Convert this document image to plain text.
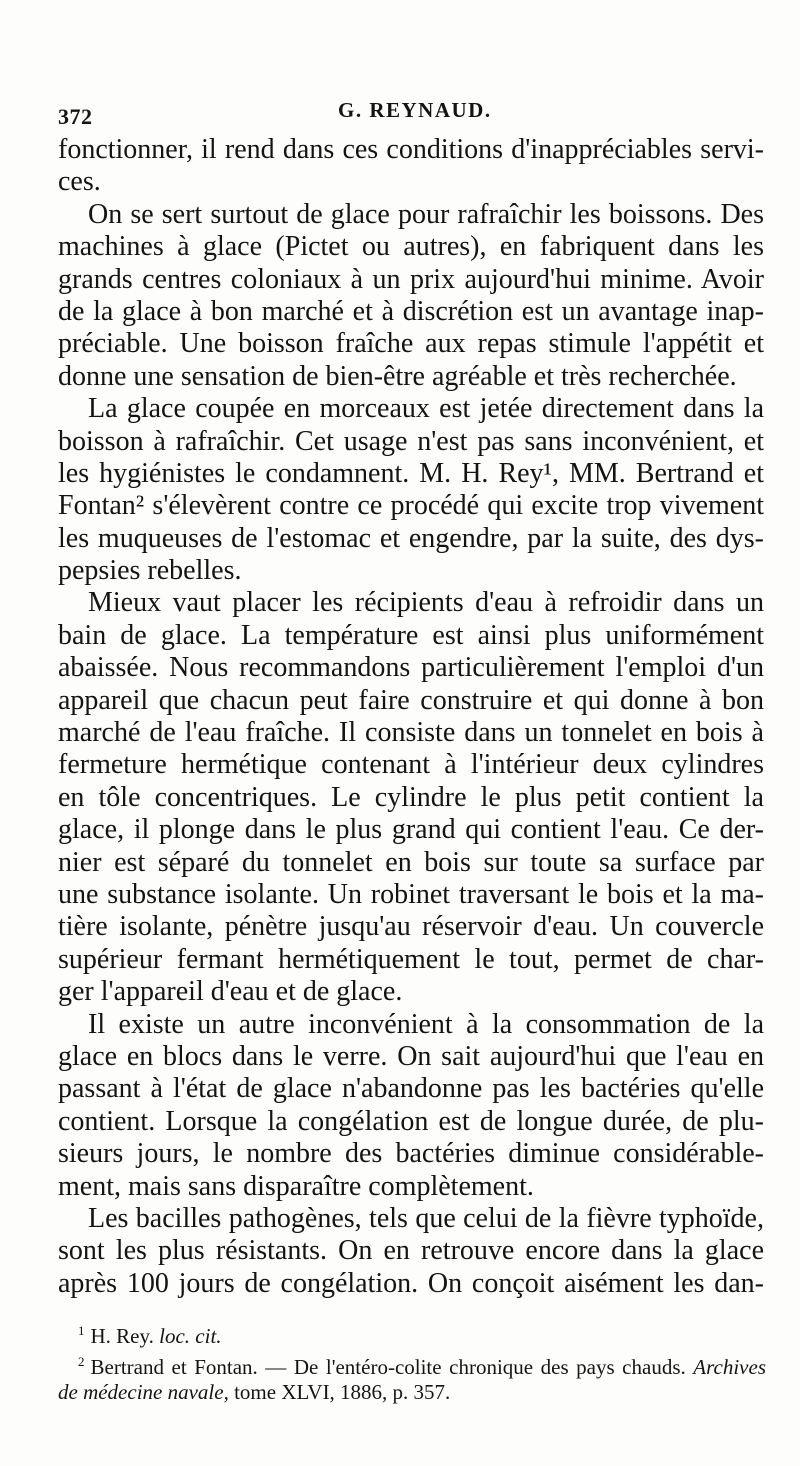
372	G. REYNAUD.
fonctionner, il rend dans ces conditions d'inappréciables servi-
ces.
On se sert surtout de glace pour rafraîchir les boissons. Des
machines à glace (Pictet ou autres), en fabriquent dans les
grands centres coloniaux à un prix aujourd'hui minime. Avoir
de la glace à bon marché et à discrétion est un avantage inap-
préciable. Une boisson fraîche aux repas stimule l'appétit et
donne une sensation de bien-être agréable et très recherchée.
La glace coupée en morceaux est jetée directement dans la
boisson à rafraîchir. Cet usage n'est pas sans inconvénient, et
les hygiénistes le condamnent. M. H. Rey¹, MM. Bertrand et
Fontan² s'élevèrent contre ce procédé qui excite trop vivement
les muqueuses de l'estomac et engendre, par la suite, des dys-
pepsies rebelles.
Mieux vaut placer les récipients d'eau à refroidir dans un
bain de glace. La température est ainsi plus uniformément
abaissée. Nous recommandons particulièrement l'emploi d'un
appareil que chacun peut faire construire et qui donne à bon
marché de l'eau fraîche. Il consiste dans un tonnelet en bois à
fermeture hermétique contenant à l'intérieur deux cylindres
en tôle concentriques. Le cylindre le plus petit contient la
glace, il plonge dans le plus grand qui contient l'eau. Ce der-
nier est séparé du tonnelet en bois sur toute sa surface par
une substance isolante. Un robinet traversant le bois et la ma-
tière isolante, pénètre jusqu'au réservoir d'eau. Un couvercle
supérieur fermant hermétiquement le tout, permet de char-
ger l'appareil d'eau et de glace.
Il existe un autre inconvénient à la consommation de la
glace en blocs dans le verre. On sait aujourd'hui que l'eau en
passant à l'état de glace n'abandonne pas les bactéries qu'elle
contient. Lorsque la congélation est de longue durée, de plu-
sieurs jours, le nombre des bactéries diminue considérable-
ment, mais sans disparaître complètement.
Les bacilles pathogènes, tels que celui de la fièvre typhoïde,
sont les plus résistants. On en retrouve encore dans la glace
après 100 jours de congélation. On conçoit aisément les dan-
$^1$ H. Rey. loc. cit.
$^2$ Bertrand et Fontan. — De l'entéro-colite chronique des pays chauds. Archives
de médecine navale, tome XLVI, 1886, p. 357.
